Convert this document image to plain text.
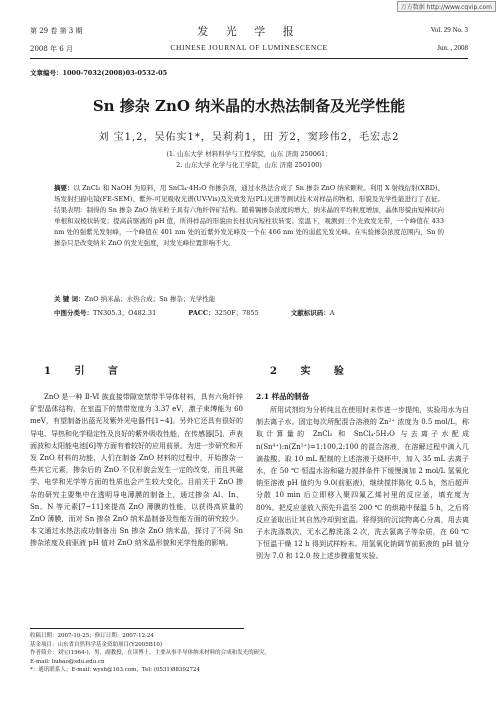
万方数据 http://www.cqvip.com
第 29 卷 第 3 期
2008 年 6 月
发 光 学 报
CHINESE JOURNAL OF LUMINESCENCE
Vol. 29 No. 3
Jun. , 2008
文章编号：1000-7032(2008)03-0532-05
Sn 掺杂 ZnO 纳米晶的水热法制备及光学性能
刘 宝1,2，吴佑实1*，吴莉莉1，田 芳2，窦珍伟2，毛宏志2
(1. 山东大学 材料科学与工程学院，山东 济南 250061；
2. 山东大学 化学与化工学院，山东 济南 250100)

摘要：以 ZnCl₂ 和 NaOH 为原料，用 SnCl₄·4H₂O 作掺杂剂，通过水热法合成了 Sn 掺杂 ZnO 纳米颗粒。利用 X 射线衍射(XRD)、场发射扫描电镜(FE-SEM)、紫外-可见吸收光谱(UV-Vis)及光致发光(PL)光谱等测试技术对样品的物相、形貌及光学性能进行了表征。结果表明：制得的 Sn 掺杂 ZnO 纳米粒子具有六角纤锌矿结构。随着锡掺杂浓度的增大，纳米晶的平均粒度增加，晶体形貌由短棒状向单根和双棱状转变；提高前驱液的 pH 值，所得样品的形貌由长柱状向短柱状转变。室温下，观测到三个光致发光带，一个峰值在 433 nm 处的强紫光发射峰，一个峰值在 401 nm 处的近紫外发光峰及一个在 466 nm 处的弱蓝光发光峰。在实验掺杂浓度范围内，Sn 的掺杂只是改变纳米 ZnO 的发光强度，对发光峰位置影响不大。

关 键 词：ZnO 纳米晶；水热合成；Sn 掺杂；光学性能
中图分类号：TN305.3；O482.31	PACC：3250F；7855	文献标识码：A
1 引 言

ZnO 是一种 Ⅱ-Ⅵ 族直接带隙宽禁带半导体材料，具有六角纤锌矿型晶体结构，在室温下的禁带宽度为 3.37 eV，激子束缚能为 60 meV，有望制备出蓝光及紫外光电器件[1~4]。另外它还具有很好的导电、导热和化学稳定性及良好的紫外吸收性能，在传感器[5]、声表面波和太阳能电池[6]等方面有着较好的应用前景。为进一步研究和开发 ZnO 材料的功能，人们在制备 ZnO 材料的过程中，开始掺杂一些其它元素，掺杂后的 ZnO 不仅形貌会发生一定的改变，而且其磁学、电学和光学等方面的性质也会产生较大变化。目前关于 ZnO 掺杂的研究主要集中在透明导电薄膜的制备上，通过掺杂 Al、In、Sn、N 等元素[7~11]来提高 ZnO 薄膜的性能，以获得高质量的 ZnO 薄膜，而对 Sn 掺杂 ZnO 纳米晶制备及性能方面的研究较少。本文通过水热法成功制备出 Sn 掺杂 ZnO 纳米晶，探讨了不同 Sn 掺杂浓度及前驱液 pH 值对 ZnO 纳米晶形貌和光学性能的影响。

2 实 验
2.1 样品的制备

所用试剂均为分析纯且在使用时未作进一步提纯，实验用水为自制去离子水。固定每次所配混合溶液的 Zn²⁺ 浓度为 0.5 mol/L，称取计算量的 ZnCl₂ 和 SnCl₄·5H₂O 与去离子水配成 n(Sn⁴⁺):n(Zn²⁺)=1:100,2:100 的混合溶液，在溶解过程中滴入几滴盐酸。取 10 mL 配制的上述溶液于烧杯中，加入 35 mL 去离子水，在 50 ℃ 恒温水浴和磁力搅拌条件下缓慢滴加 2 mol/L 氢氧化钠至溶液 pH 值约为 9.0(前驱液)，继续搅拌陈化 0.5 h，然后超声分散 10 min 后立即移入聚四氟乙烯衬里的反应釜，填充度为 80%。把反应釜放入预先升温至 200 ℃ 的烘箱中保温 5 h，之后将反应釜取出让其自然冷却到室温。将得到的沉淀物离心分离，用去离子水洗涤数次，无水乙醇洗涤 2 次，洗去氯离子等杂质，在 60 ℃ 下恒温干燥 12 h 得到试样粉末。用氢氧化钠调节前驱液的 pH 值分别为 7.0 和 12.0 按上述步骤重复实验。

收稿日期：2007-10-25；修订日期：2007-12-24

基金项目：山东省自然科学基金资助项目(Y2005B10)

作者简介：刘宝(1964-)，男，副教授，在读博士，主要从事半导体纳米材料的合成和发光的研究。

E-mail: liubao@sdu.edu.cn

*：通讯联系人；E-mail: wysh@163.com，Tel: (0531)88392724
